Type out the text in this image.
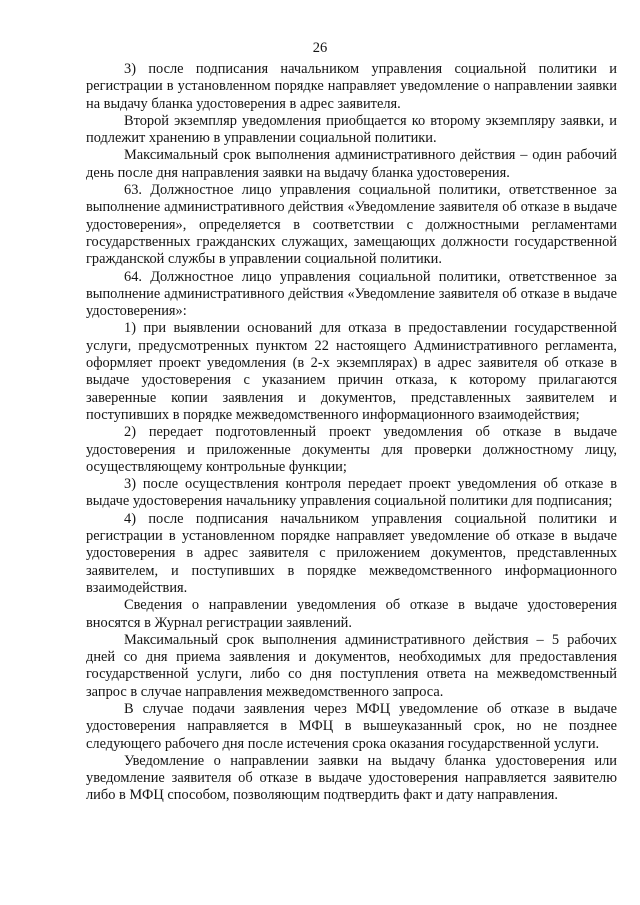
26

3) после подписания начальником управления социальной политики и регистрации в установленном порядке направляет уведомление о направлении заявки на выдачу бланка удостоверения в адрес заявителя.

Второй экземпляр уведомления приобщается ко второму экземпляру заявки, и подлежит хранению в управлении социальной политики.

Максимальный срок выполнения административного действия – один рабочий день после дня направления заявки на выдачу бланка удостоверения.

63. Должностное лицо управления социальной политики, ответственное за выполнение административного действия «Уведомление заявителя об отказе в выдаче удостоверения», определяется в соответствии с должностными регламентами государственных гражданских служащих, замещающих должности государственной гражданской службы в управлении социальной политики.

64. Должностное лицо управления социальной политики, ответственное за выполнение административного действия «Уведомление заявителя об отказе в выдаче удостоверения»:

1) при выявлении оснований для отказа в предоставлении государственной услуги, предусмотренных пунктом 22 настоящего Административного регламента, оформляет проект уведомления (в 2-х экземплярах) в адрес заявителя об отказе в выдаче удостоверения с указанием причин отказа, к которому прилагаются заверенные копии заявления и документов, представленных заявителем и поступивших в порядке межведомственного информационного взаимодействия;

2) передает подготовленный проект уведомления об отказе в выдаче удостоверения и приложенные документы для проверки должностному лицу, осуществляющему контрольные функции;

3) после осуществления контроля передает проект уведомления об отказе в выдаче удостоверения начальнику управления социальной политики для подписания;

4) после подписания начальником управления социальной политики и регистрации в установленном порядке направляет уведомление об отказе в выдаче удостоверения в адрес заявителя с приложением документов, представленных заявителем, и поступивших в порядке межведомственного информационного взаимодействия.

Сведения о направлении уведомления об отказе в выдаче удостоверения вносятся в Журнал регистрации заявлений.

Максимальный срок выполнения административного действия – 5 рабочих дней со дня приема заявления и документов, необходимых для предоставления государственной услуги, либо со дня поступления ответа на межведомственный запрос в случае направления межведомственного запроса.

В случае подачи заявления через МФЦ уведомление об отказе в выдаче удостоверения направляется в МФЦ в вышеуказанный срок, но не позднее следующего рабочего дня после истечения срока оказания государственной услуги.

Уведомление о направлении заявки на выдачу бланка удостоверения или уведомление заявителя об отказе в выдаче удостоверения направляется заявителю либо в МФЦ способом, позволяющим подтвердить факт и дату направления.
